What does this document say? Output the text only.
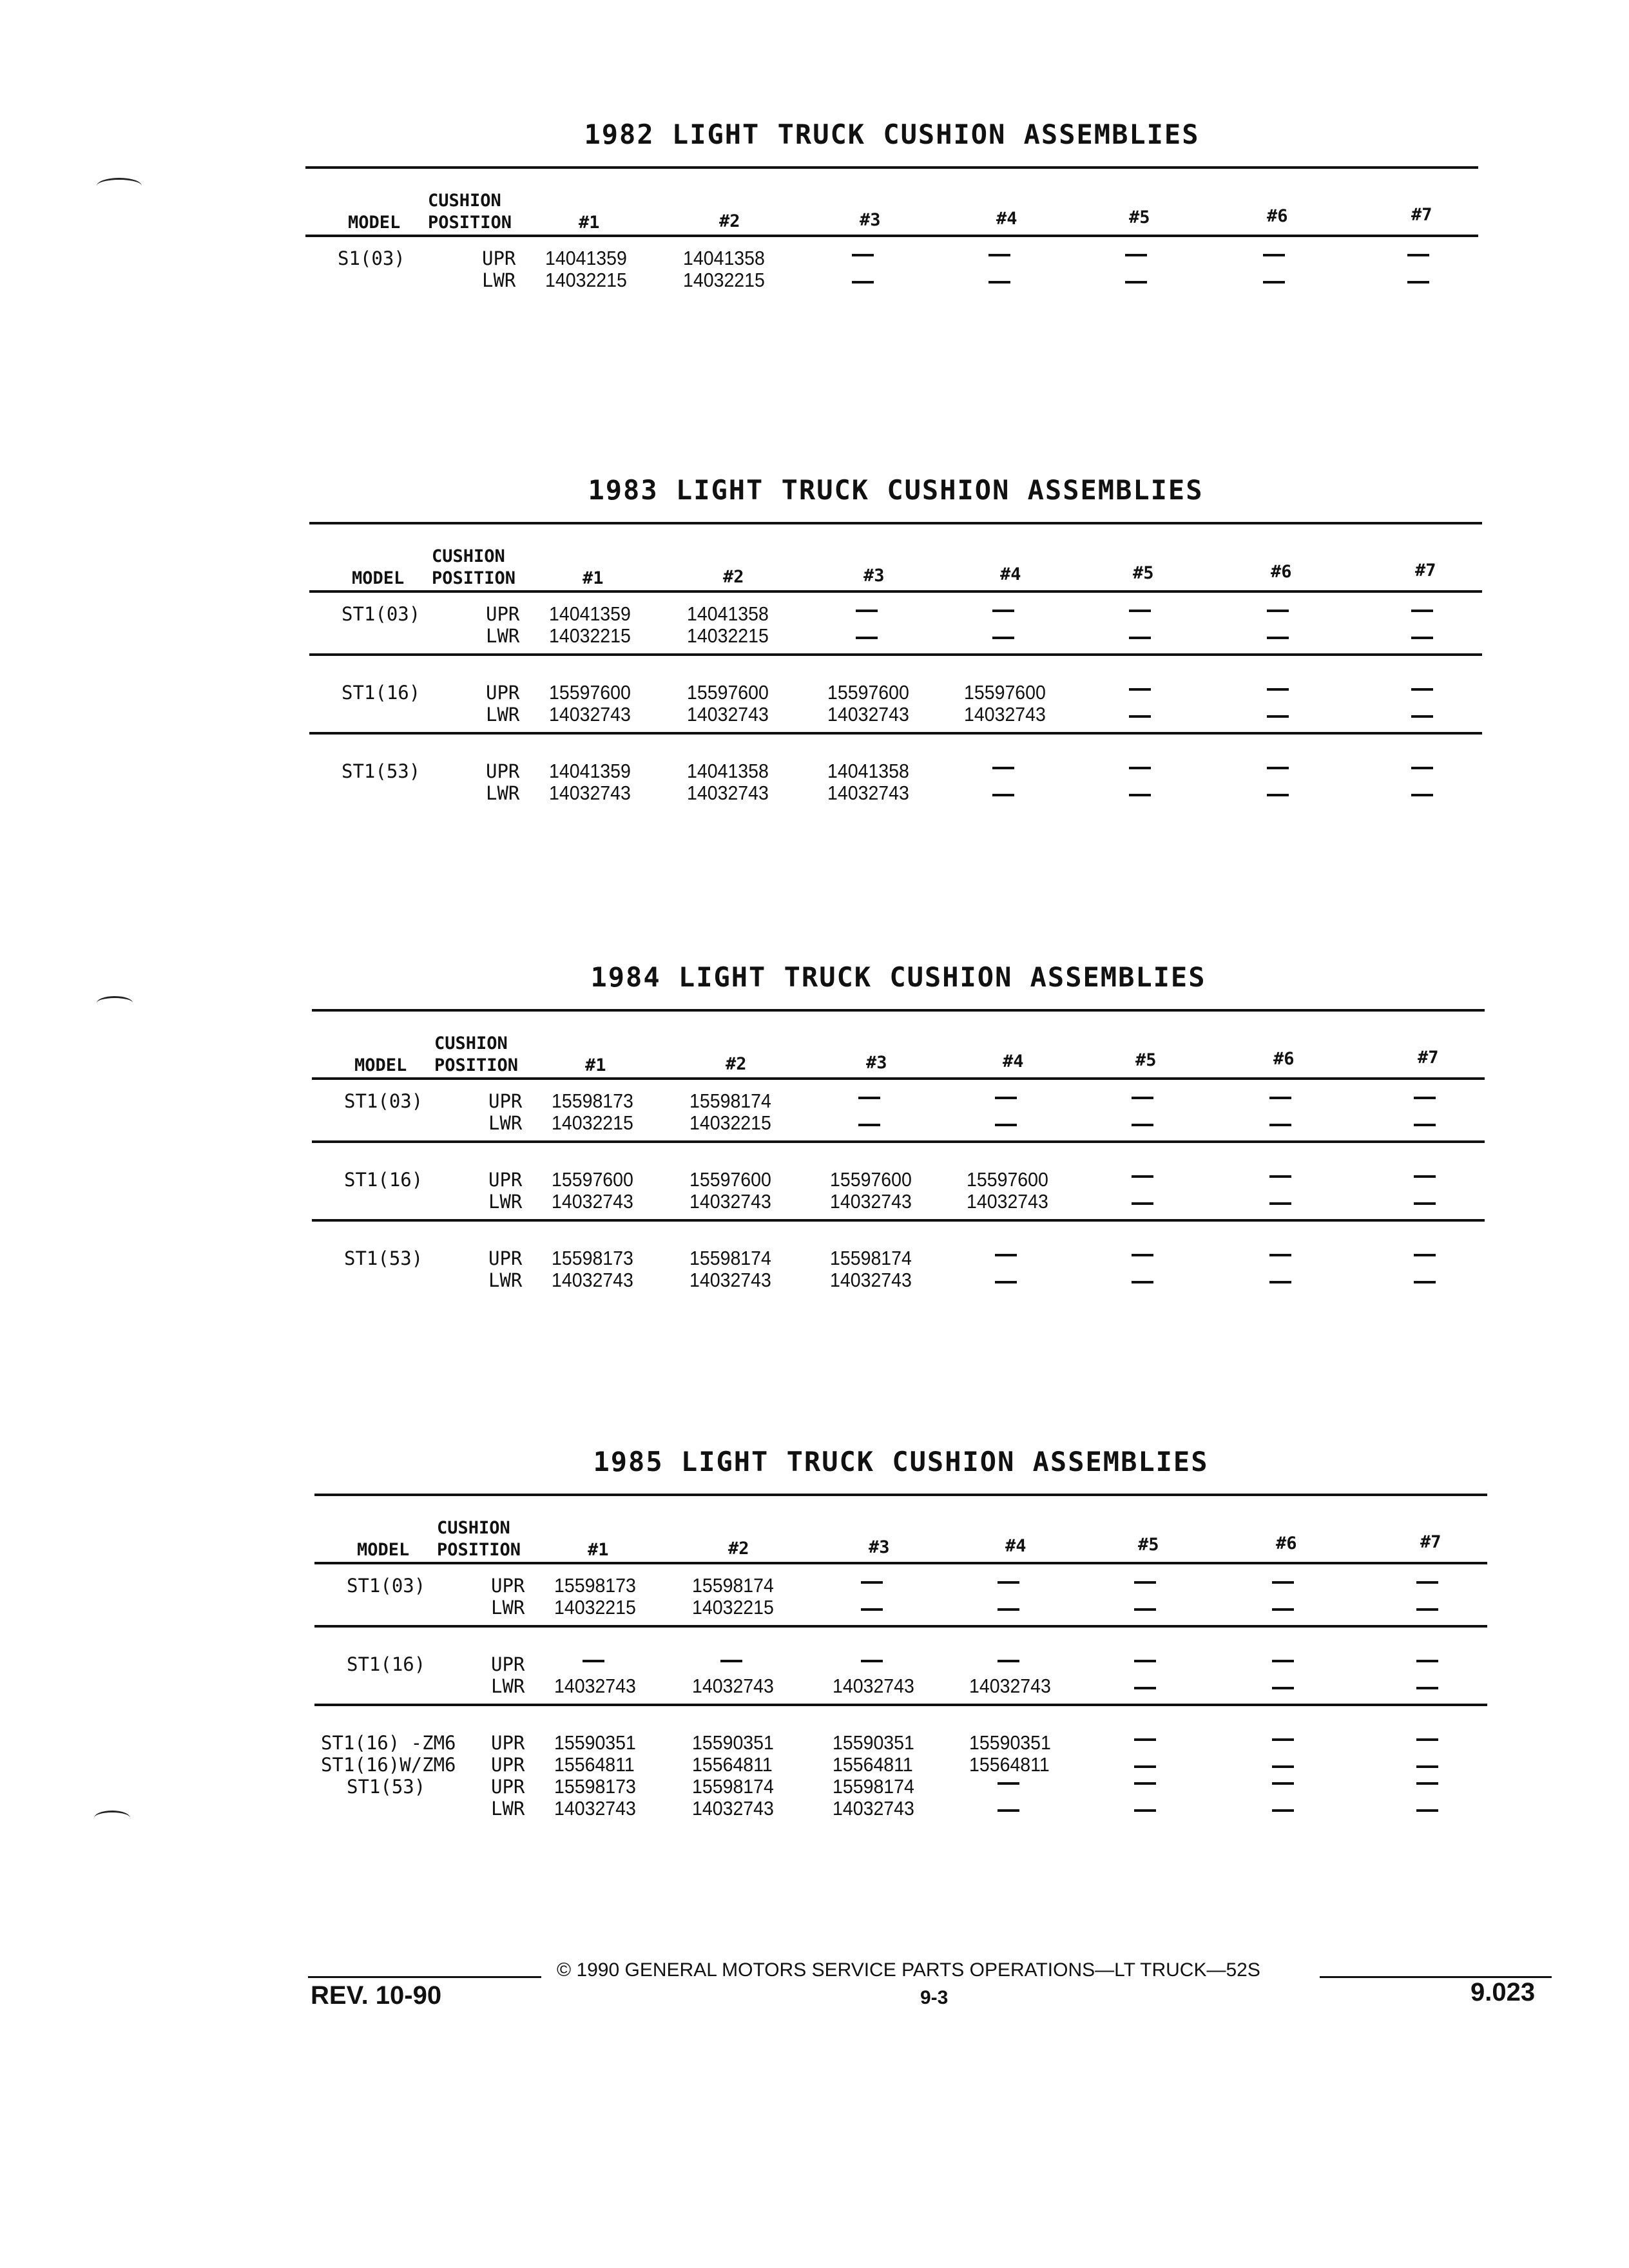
1982 LIGHT TRUCK CUSHION ASSEMBLIES
CUSHION
MODEL POSITION	#1	#2	#3	#4	#5	#6	#7
S1(03)	UPR 14041359	14041358
LWR 14032215	14032215
1983 LIGHT TRUCK CUSHION ASSEMBLIES
CUSHION
MODEL POSITION	#1	#2	#3	#4	#5	#6	#7
ST1(03)	UPR 14041359	14041358
LWR 14032215	14032215
ST1(16)	UPR 15597600	15597600	15597600	15597600
LWR 14032743	14032743	14032743	14032743
ST1(53)	UPR 14041359	14041358	14041358
LWR 14032743	14032743	14032743
1984 LIGHT TRUCK CUSHION ASSEMBLIES
CUSHION
MODEL POSITION	#1	#2	#3	#4	#5	#6	#7
ST1(03)	UPR 15598173	15598174
LWR 14032215	14032215
ST1(16)	UPR 15597600	15597600	15597600	15597600
LWR 14032743	14032743	14032743	14032743
ST1(53)	UPR 15598173	15598174	15598174
LWR 14032743	14032743	14032743
1985 LIGHT TRUCK CUSHION ASSEMBLIES
CUSHION
MODEL POSITION	#1	#2	#3	#4	#5	#6	#7
ST1(03)	UPR 15598173	15598174
LWR 14032215	14032215
ST1(16)	UPR
LWR 14032743	14032743	14032743	14032743
ST1(16) -ZM6 UPR 15590351	15590351	15590351	15590351
ST1(16)W/ZM6 UPR 15564811	15564811	15564811	15564811
ST1(53)	UPR 15598173	15598174	15598174
LWR 14032743	14032743	14032743
© 1990 GENERAL MOTORS SERVICE PARTS OPERATIONS—LT TRUCK—52S
REV. 10-90	9-3	9.023
